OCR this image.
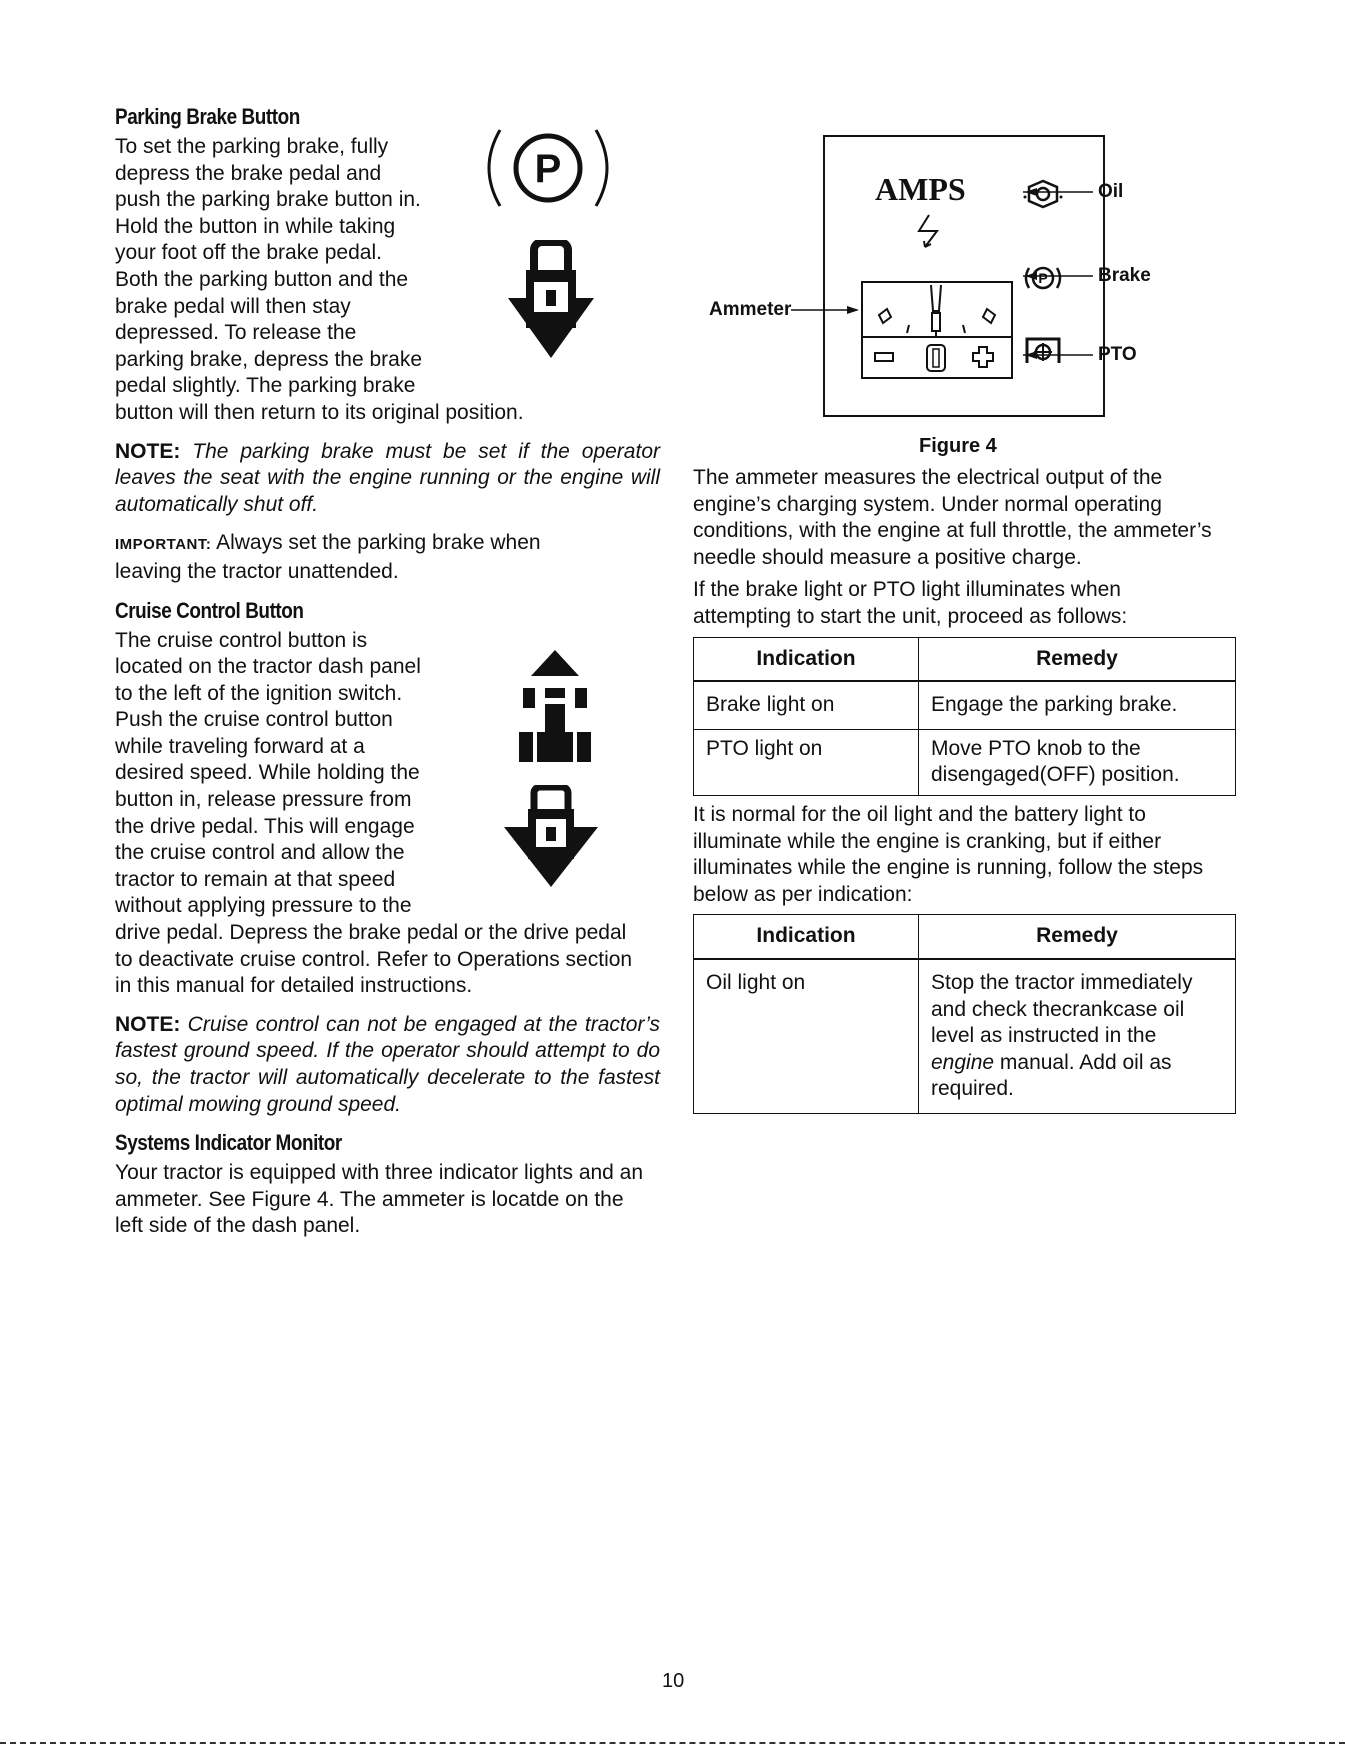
Parking Brake Button

To set the parking brake, fully

depress the brake pedal and

push the parking brake button in.

Hold the button in while taking

your foot off the brake pedal.

Both the parking button and the

brake pedal will then stay

depressed. To release the

parking brake, depress the brake

pedal slightly. The parking brake

button will then return to its original position.

NOTE: The parking brake must be set if the operator leaves the seat with the engine running or the engine will automatically shut off.

IMPORTANT: Always set the parking brake when leaving the tractor unattended.

Cruise Control Button

The cruise control button is

located on the tractor dash panel

to the left of the ignition switch.

Push the cruise control button

while traveling forward at a

desired speed. While holding the

button in, release pressure from

the drive pedal. This will engage

the cruise control and allow the

tractor to remain at that speed

without applying pressure to the

drive pedal. Depress the brake pedal or the drive pedal

to deactivate cruise control. Refer to Operations section

in this manual for detailed instructions.

NOTE: Cruise control can not be engaged at the tractor’s fastest ground speed. If the operator should attempt to do so, the tractor will automatically decelerate to the fastest optimal mowing ground speed.

Systems Indicator Monitor

Your tractor is equipped with three indicator lights and an ammeter. See Figure 4. The ammeter is locatde on the left side of the dash panel.

P	AMPS
P
Oil
Brake
PTO
Ammeter
Figure 4

The ammeter measures the electrical output of the engine’s charging system. Under normal operating conditions, with the engine at full throttle, the ammeter’s needle should measure a positive charge.

If the brake light or PTO light illuminates when attempting to start the unit, proceed as follows:

Indication	Remedy
Brake light on	Engage the parking brake.
PTO light on	Move PTO knob to the disengaged(OFF) position.

It is normal for the oil light and the battery light to illuminate while the engine is cranking, but if either illuminates while the engine is running, follow the steps below as per indication:

Indication	Remedy
Oil light on	Stop the tractor immediately and check thecrankcase oil level as instructed in the engine manual. Add oil as required.
10
